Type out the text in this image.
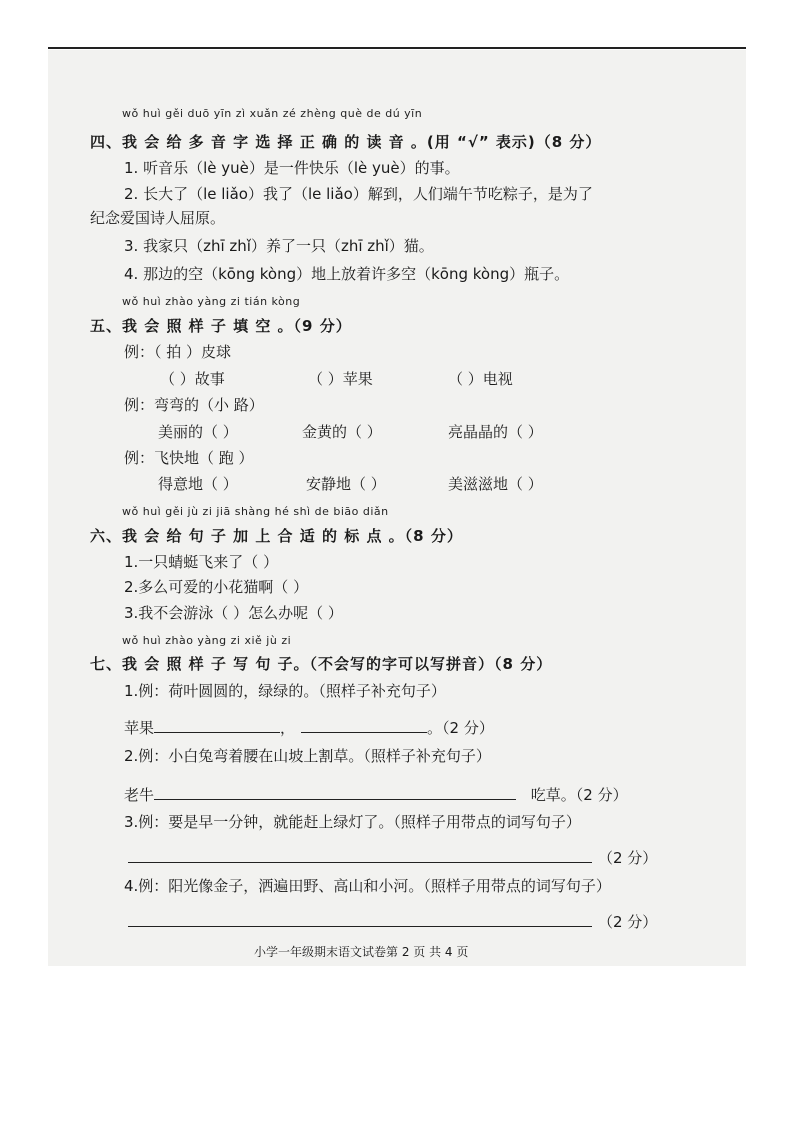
wǒ huì gěi duō yīn zì xuǎn zé zhèng què de dú yīn
四、我 会 给 多 音 字 选 择 正 确 的 读 音 。(用 “√” 表示)（8 分）
1. 听音乐（lè yuè）是一件快乐（lè yuè）的事。
2. 长大了（le liǎo）我了（le liǎo）解到，人们端午节吃粽子，是为了
纪念爱国诗人屈原。
3. 我家只（zhī zhǐ）养了一只（zhī zhǐ）猫。
4. 那边的空（kōng kòng）地上放着许多空（kōng kòng）瓶子。
wǒ huì zhào yàng zi tián kòng
五、我 会 照 样 子 填 空 。（9 分）
例：（ 拍 ）皮球
（ ）故事	（ ）苹果	（ ）电视
例：弯弯的（小 路）
美丽的（ ）	金黄的（ ）	亮晶晶的（ ）
例：飞快地（ 跑 ）
得意地（ ）	安静地（ ）	美滋滋地（ ）
wǒ huì gěi jù zi jiā shàng hé shì de biāo diǎn
六、我 会 给 句 子 加 上 合 适 的 标 点 。（8 分）
1.一只蜻蜓飞来了（ ）
2.多么可爱的小花猫啊（ ）
3.我不会游泳（ ）怎么办呢（ ）
wǒ huì zhào yàng zi xiě jù zi
七、我 会 照 样 子 写 句 子。（不会写的字可以写拼音）（8 分）
1.例：荷叶圆圆的，绿绿的。（照样子补充句子）
苹果	，	。（2 分）
2.例：小白兔弯着腰在山坡上割草。（照样子补充句子）
老牛	吃草。（2 分）
3.例：要是早一分钟，就能赶上绿灯了。（照样子用带点的词写句子）
（2 分）
4.例：阳光像金子，洒遍田野、高山和小河。（照样子用带点的词写句子）
（2 分）
小学一年级期末语文试卷第 2 页 共 4 页
